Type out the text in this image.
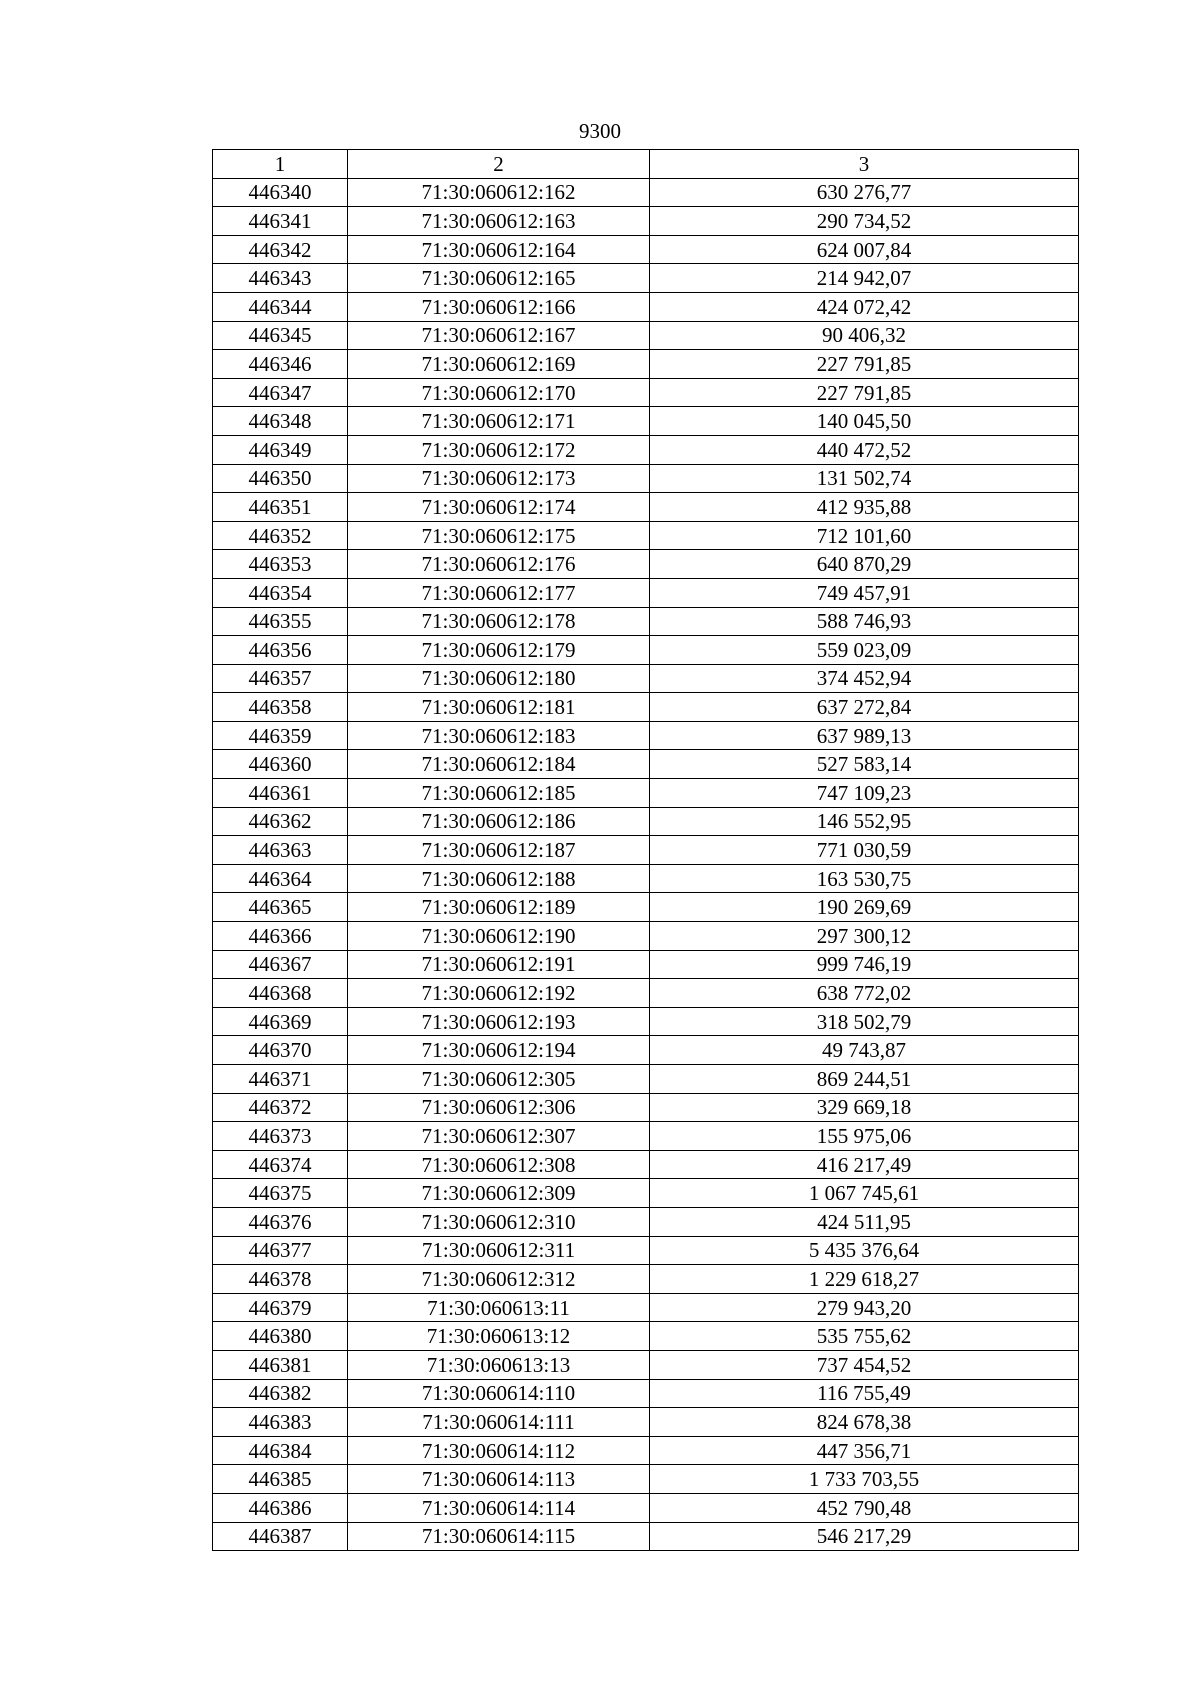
9300
1	2	3
446340	71:30:060612:162	630 276,77
446341	71:30:060612:163	290 734,52
446342	71:30:060612:164	624 007,84
446343	71:30:060612:165	214 942,07
446344	71:30:060612:166	424 072,42
446345	71:30:060612:167	90 406,32
446346	71:30:060612:169	227 791,85
446347	71:30:060612:170	227 791,85
446348	71:30:060612:171	140 045,50
446349	71:30:060612:172	440 472,52
446350	71:30:060612:173	131 502,74
446351	71:30:060612:174	412 935,88
446352	71:30:060612:175	712 101,60
446353	71:30:060612:176	640 870,29
446354	71:30:060612:177	749 457,91
446355	71:30:060612:178	588 746,93
446356	71:30:060612:179	559 023,09
446357	71:30:060612:180	374 452,94
446358	71:30:060612:181	637 272,84
446359	71:30:060612:183	637 989,13
446360	71:30:060612:184	527 583,14
446361	71:30:060612:185	747 109,23
446362	71:30:060612:186	146 552,95
446363	71:30:060612:187	771 030,59
446364	71:30:060612:188	163 530,75
446365	71:30:060612:189	190 269,69
446366	71:30:060612:190	297 300,12
446367	71:30:060612:191	999 746,19
446368	71:30:060612:192	638 772,02
446369	71:30:060612:193	318 502,79
446370	71:30:060612:194	49 743,87
446371	71:30:060612:305	869 244,51
446372	71:30:060612:306	329 669,18
446373	71:30:060612:307	155 975,06
446374	71:30:060612:308	416 217,49
446375	71:30:060612:309	1 067 745,61
446376	71:30:060612:310	424 511,95
446377	71:30:060612:311	5 435 376,64
446378	71:30:060612:312	1 229 618,27
446379	71:30:060613:11	279 943,20
446380	71:30:060613:12	535 755,62
446381	71:30:060613:13	737 454,52
446382	71:30:060614:110	116 755,49
446383	71:30:060614:111	824 678,38
446384	71:30:060614:112	447 356,71
446385	71:30:060614:113	1 733 703,55
446386	71:30:060614:114	452 790,48
446387	71:30:060614:115	546 217,29
